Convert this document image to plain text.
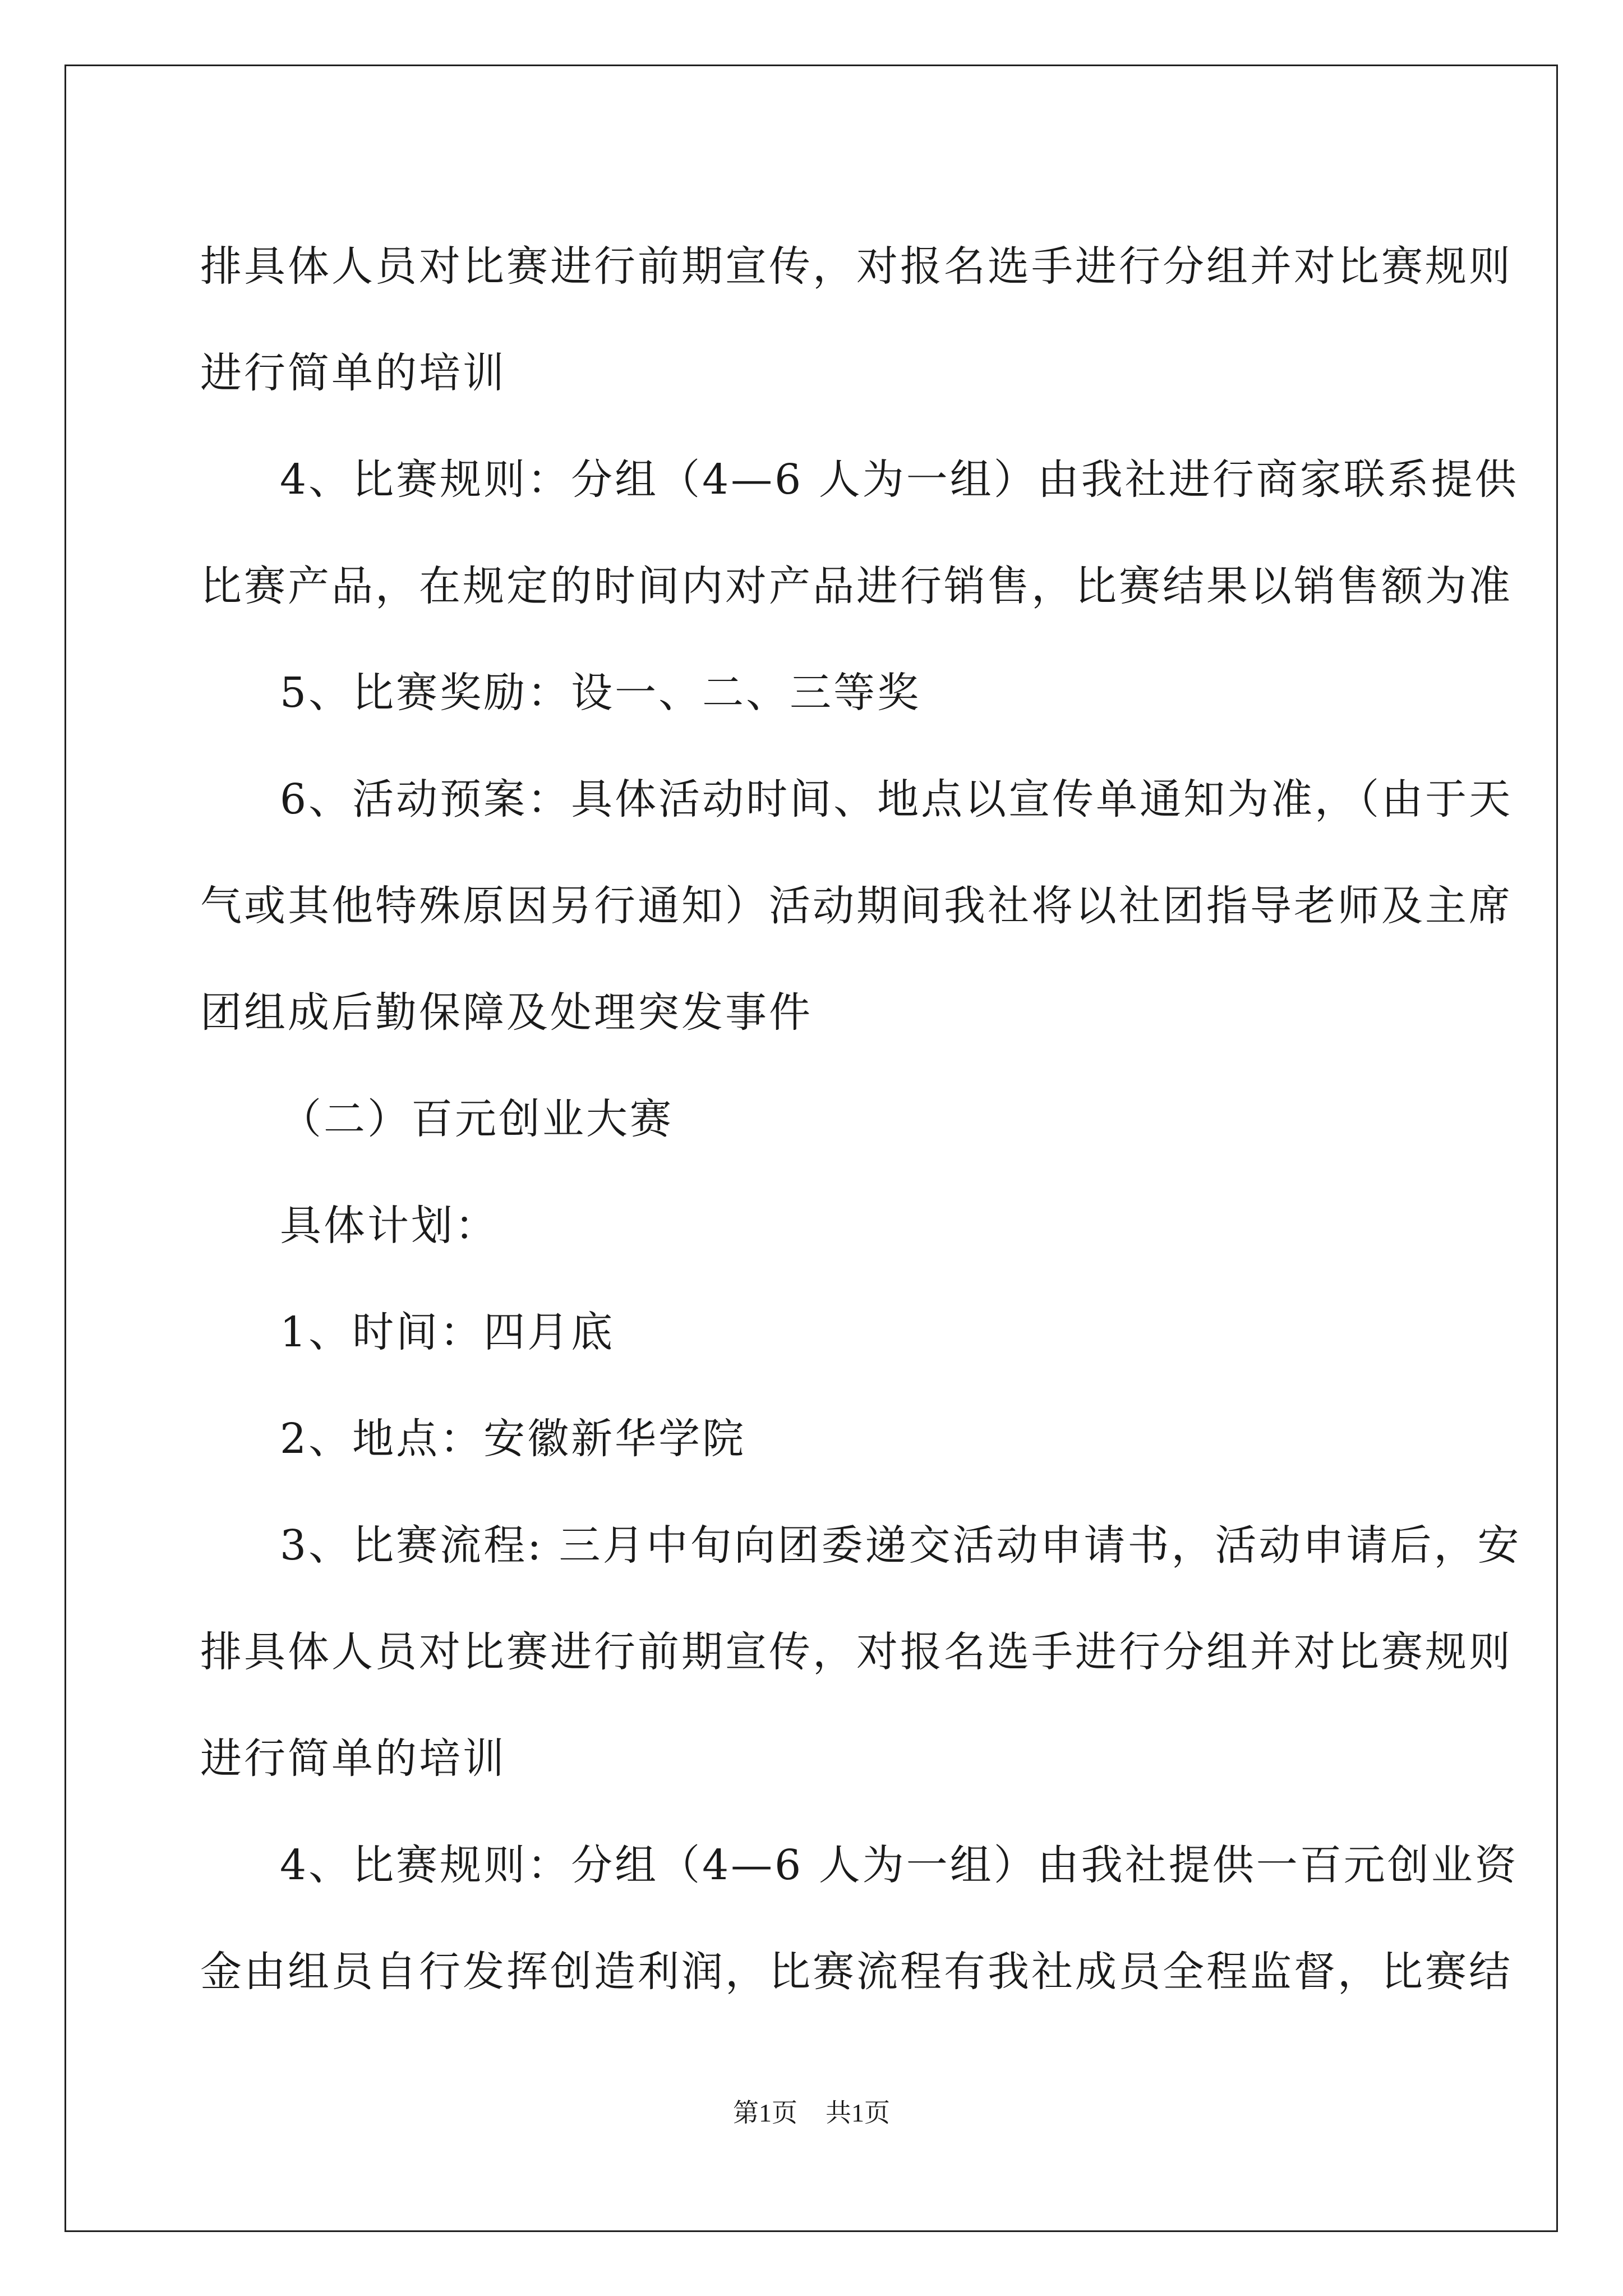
排具体人员对比赛进行前期宣传，对报名选手进行分组并对比赛规则
进行简单的培训
4、比赛规则：分组（4—6 人为一组）由我社进行商家联系提供
比赛产品，在规定的时间内对产品进行销售，比赛结果以销售额为准
5、比赛奖励：设一、二、三等奖
6、活动预案：具体活动时间、地点以宣传单通知为准，（由于天
气或其他特殊原因另行通知）活动期间我社将以社团指导老师及主席
团组成后勤保障及处理突发事件
（二）百元创业大赛
具体计划：
1、时间：四月底
2、地点：安徽新华学院
3、比赛流程: 三月中旬向团委递交活动申请书，活动申请后，安
排具体人员对比赛进行前期宣传，对报名选手进行分组并对比赛规则
进行简单的培训
4、比赛规则：分组（4—6 人为一组）由我社提供一百元创业资
金由组员自行发挥创造利润，比赛流程有我社成员全程监督，比赛结
第1页 共1页
